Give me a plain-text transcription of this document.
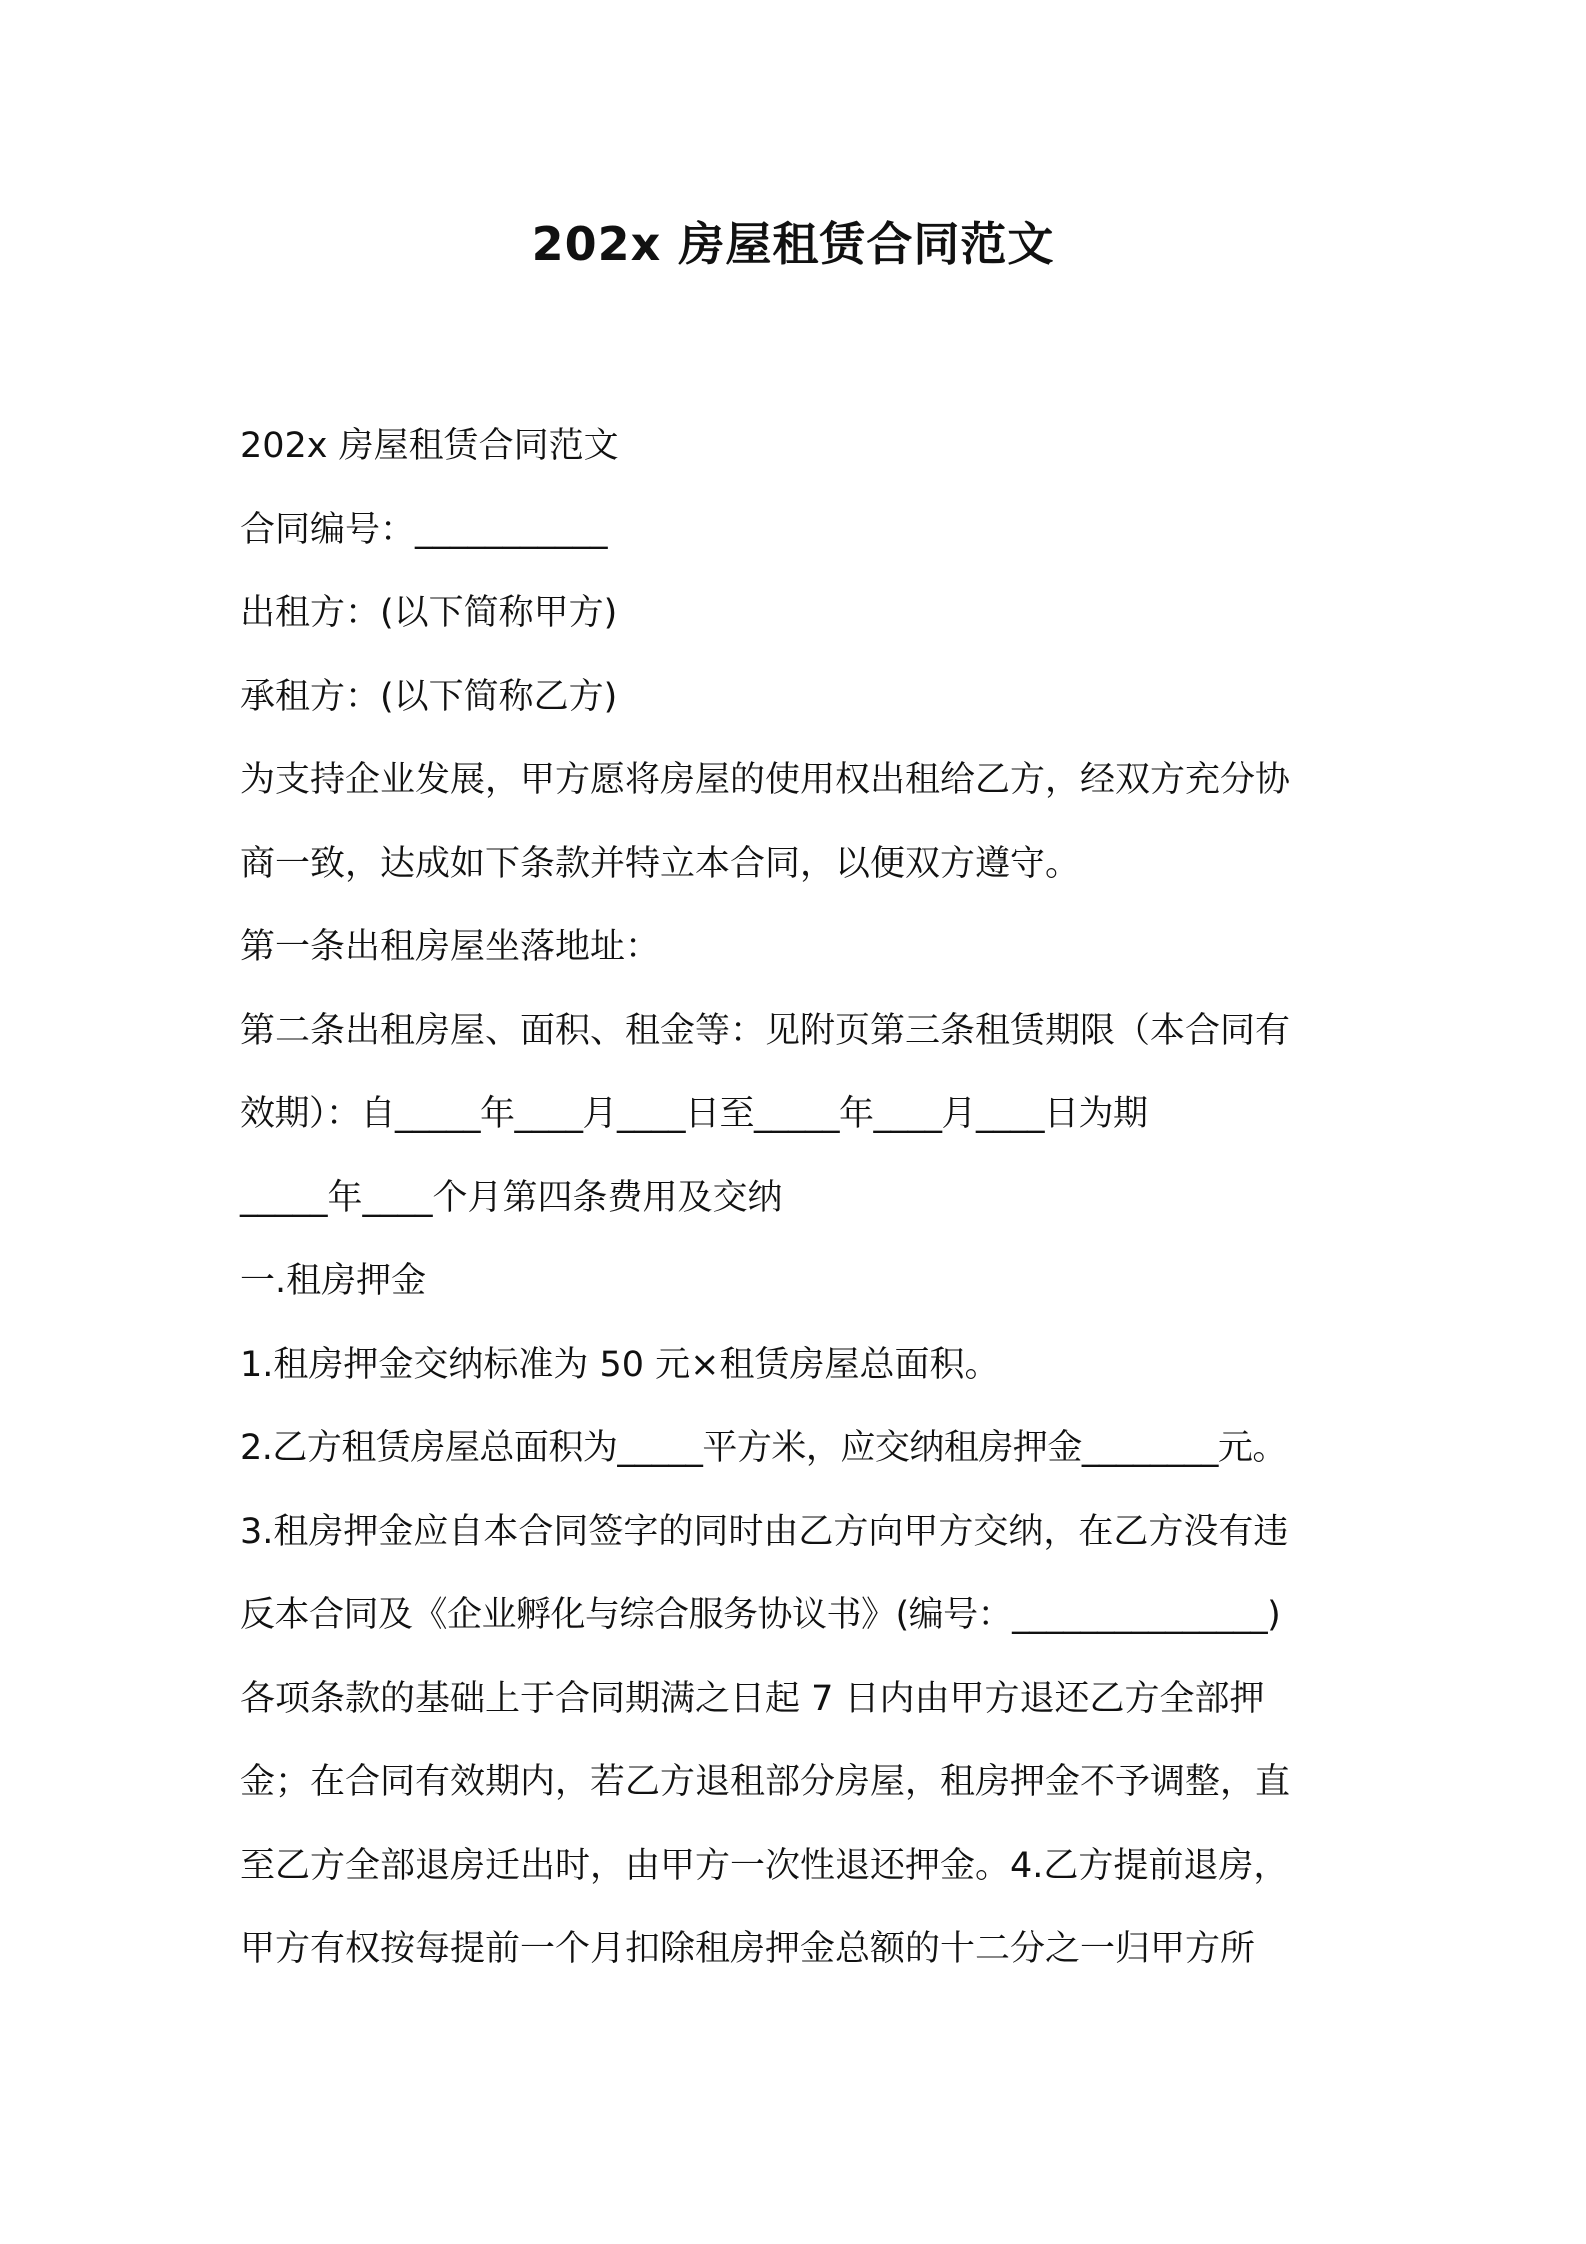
202x 房屋租赁合同范文
202x 房屋租赁合同范文
合同编号：___________
出租方：(以下简称甲方)
承租方：(以下简称乙方)
为支持企业发展，甲方愿将房屋的使用权出租给乙方，经双方充分协
商一致，达成如下条款并特立本合同，以便双方遵守。
第一条出租房屋坐落地址：
第二条出租房屋、面积、租金等：见附页第三条租赁期限（本合同有
效期）：自_____年____月____日至_____年____月____日为期
_____年____个月第四条费用及交纳
一.租房押金
1.租房押金交纳标准为 50 元×租赁房屋总面积。
2.乙方租赁房屋总面积为_____平方米，应交纳租房押金________元。
3.租房押金应自本合同签字的同时由乙方向甲方交纳，在乙方没有违
反本合同及《企业孵化与综合服务协议书》(编号：_______________)
各项条款的基础上于合同期满之日起 7 日内由甲方退还乙方全部押
金；在合同有效期内，若乙方退租部分房屋，租房押金不予调整，直
至乙方全部退房迁出时，由甲方一次性退还押金。4.乙方提前退房，
甲方有权按每提前一个月扣除租房押金总额的十二分之一归甲方所
